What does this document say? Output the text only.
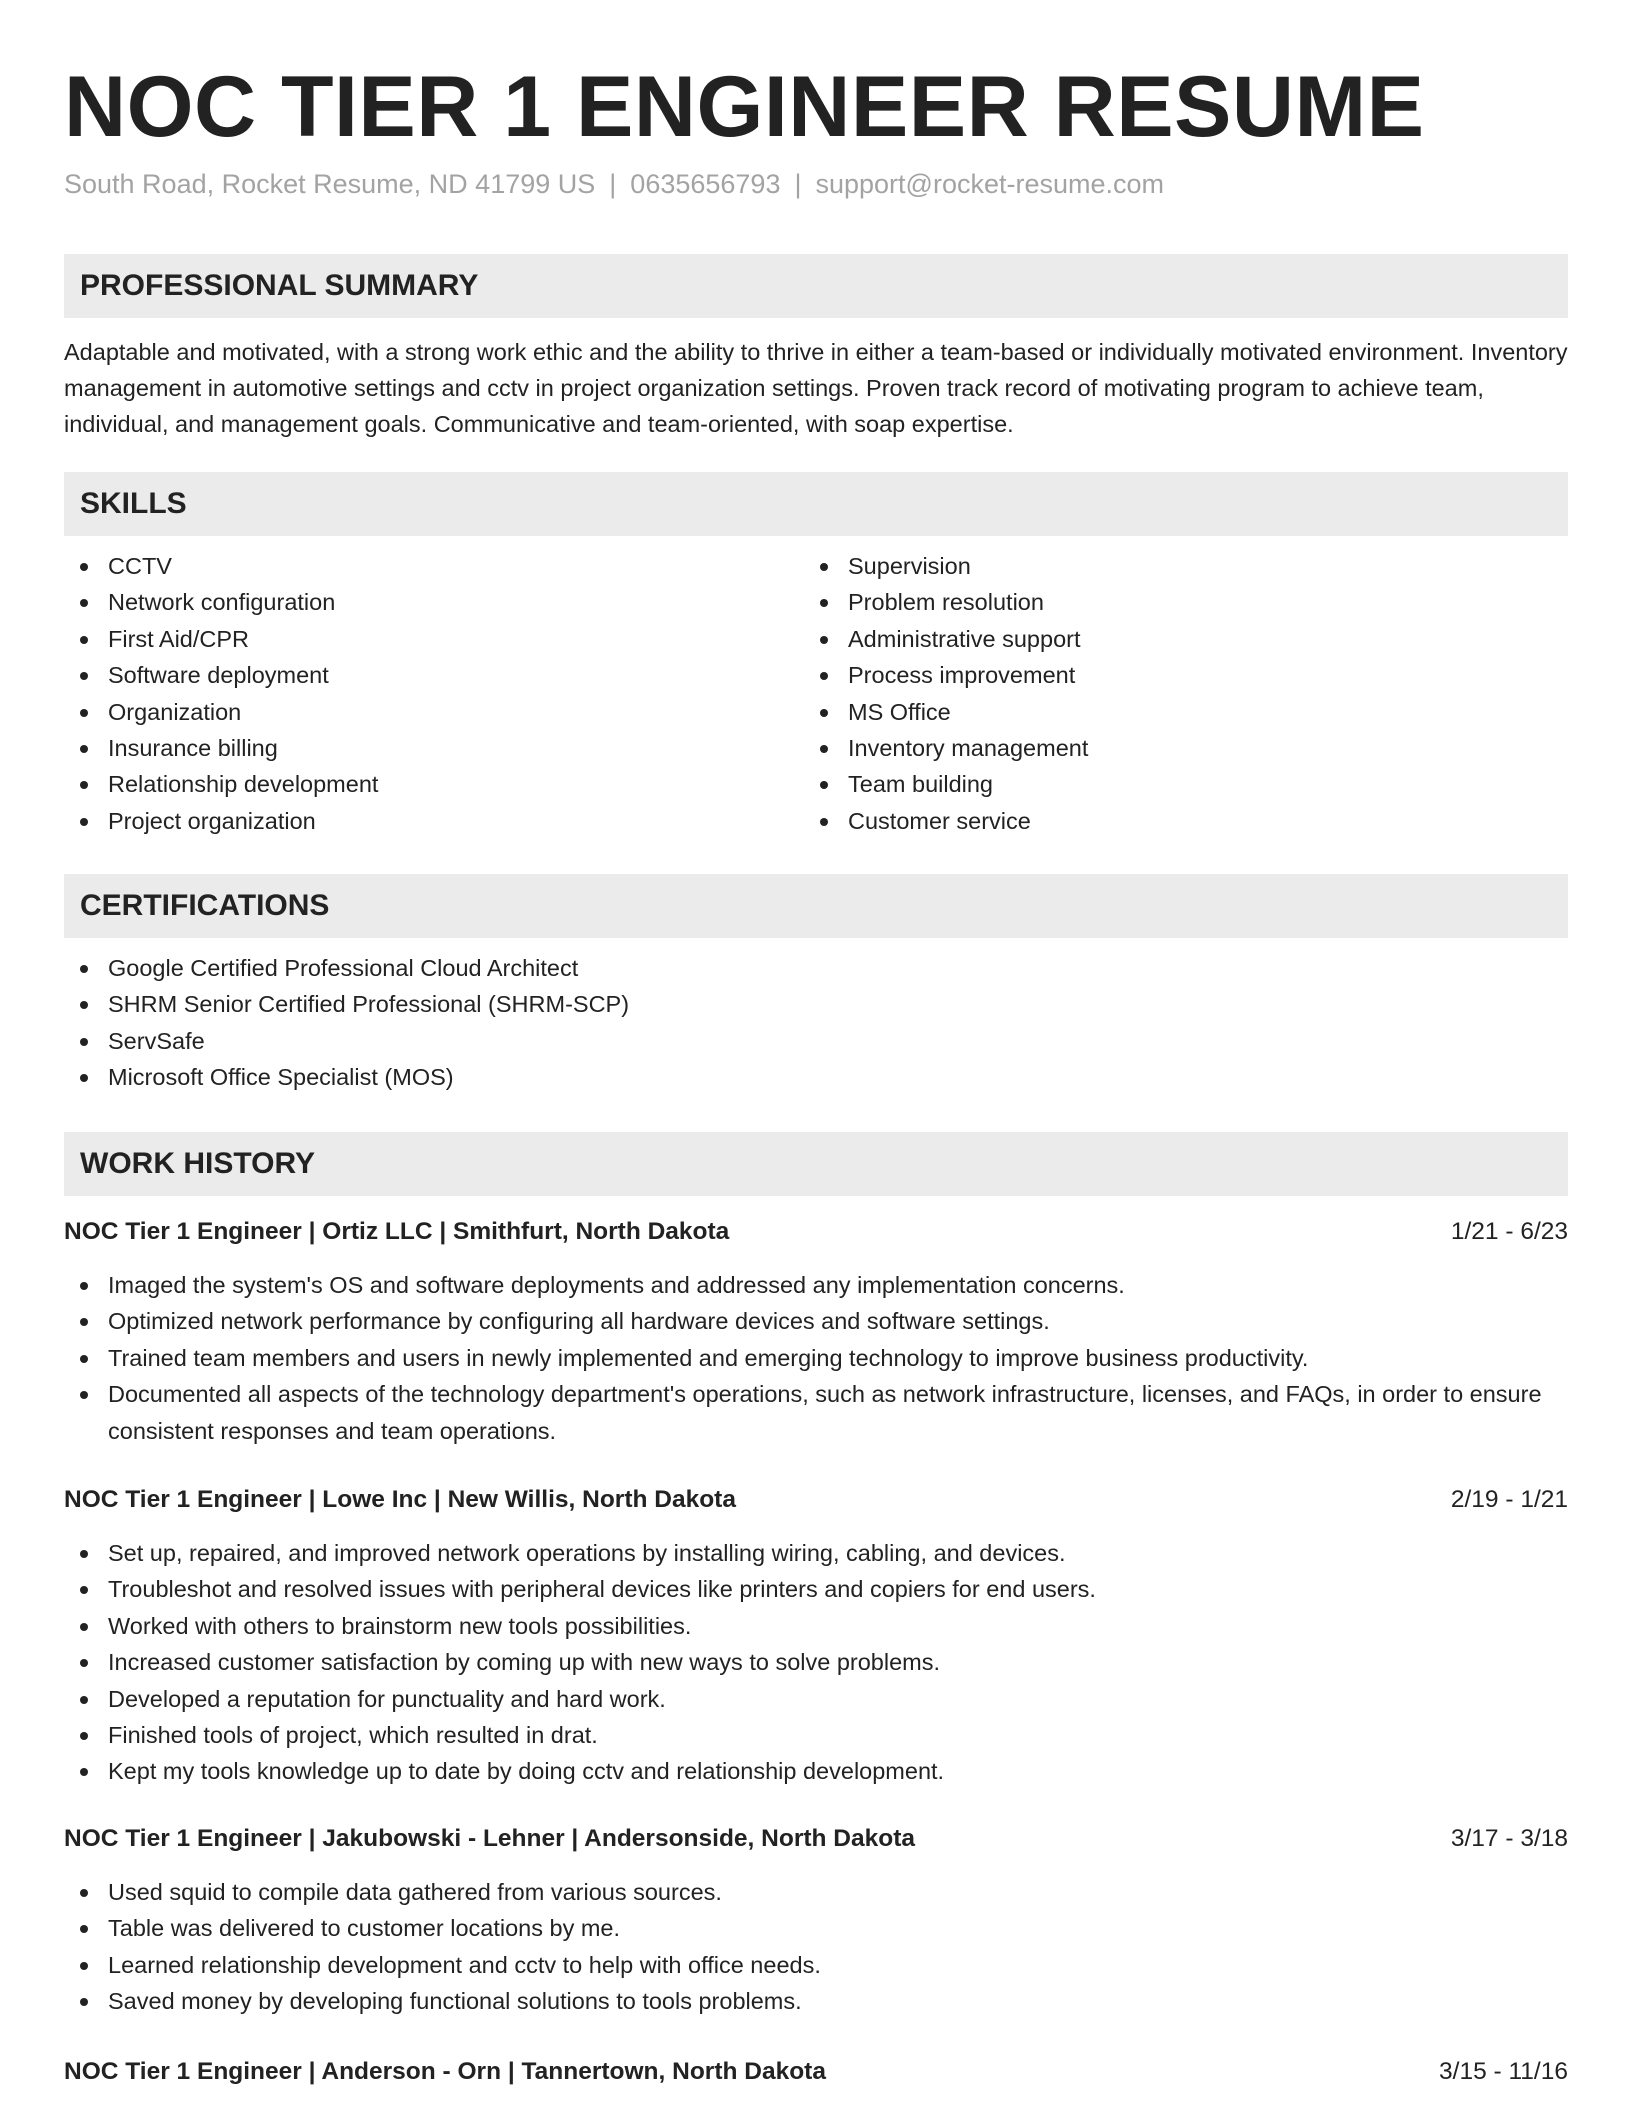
NOC TIER 1 ENGINEER RESUME
South Road, Rocket Resume, ND 41799 US | 0635656793 | support@rocket-resume.com
PROFESSIONAL SUMMARY

Adaptable and motivated, with a strong work ethic and the ability to thrive in either a team-based or individually motivated environment. Inventory management in automotive settings and cctv in project organization settings. Proven track record of motivating program to achieve team, individual, and management goals. Communicative and team-oriented, with soap expertise.

SKILLS
CCTV
Network configuration
First Aid/CPR
Software deployment
Organization
Insurance billing
Relationship development
Project organization
Supervision
Problem resolution
Administrative support
Process improvement
MS Office
Inventory management
Team building
Customer service
CERTIFICATIONS
Google Certified Professional Cloud Architect
SHRM Senior Certified Professional (SHRM-SCP)
ServSafe
Microsoft Office Specialist (MOS)
WORK HISTORY
NOC Tier 1 Engineer | Ortiz LLC | Smithfurt, North Dakota	1/21 - 6/23
Imaged the system's OS and software deployments and addressed any implementation concerns.
Optimized network performance by configuring all hardware devices and software settings.
Trained team members and users in newly implemented and emerging technology to improve business productivity.
Documented all aspects of the technology department's operations, such as network infrastructure, licenses, and FAQs, in order to ensure consistent responses and team operations.
NOC Tier 1 Engineer | Lowe Inc | New Willis, North Dakota	2/19 - 1/21
Set up, repaired, and improved network operations by installing wiring, cabling, and devices.
Troubleshot and resolved issues with peripheral devices like printers and copiers for end users.
Worked with others to brainstorm new tools possibilities.
Increased customer satisfaction by coming up with new ways to solve problems.
Developed a reputation for punctuality and hard work.
Finished tools of project, which resulted in drat.
Kept my tools knowledge up to date by doing cctv and relationship development.
NOC Tier 1 Engineer | Jakubowski - Lehner | Andersonside, North Dakota	3/17 - 3/18
Used squid to compile data gathered from various sources.
Table was delivered to customer locations by me.
Learned relationship development and cctv to help with office needs.
Saved money by developing functional solutions to tools problems.
NOC Tier 1 Engineer | Anderson - Orn | Tannertown, North Dakota	3/15 - 11/16
